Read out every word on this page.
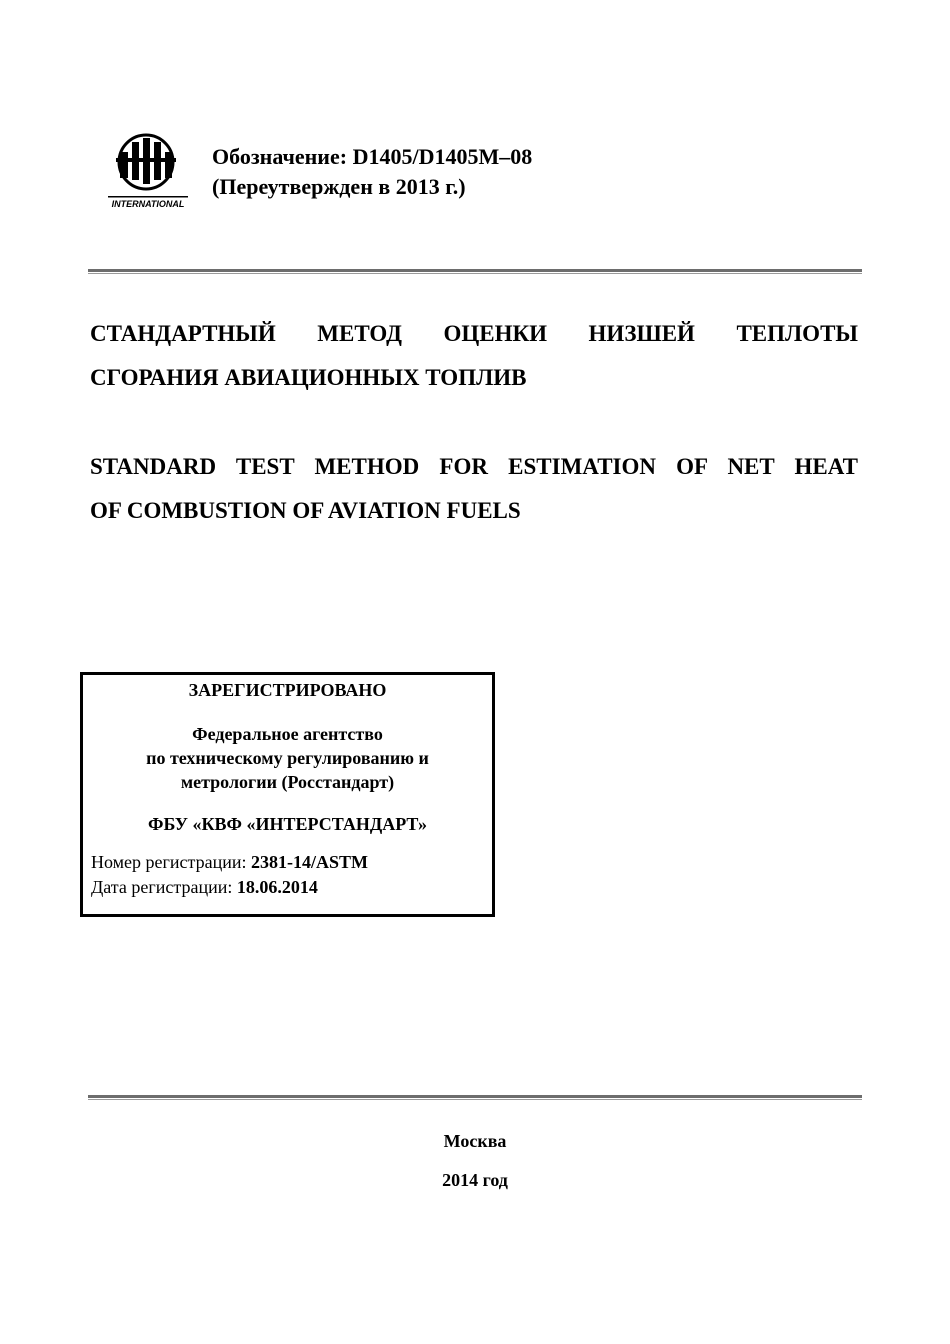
INTERNATIONAL
Обозначение: D1405/D1405M–08
(Переутвержден в 2013 г.)
СТАНДАРТНЫЙ МЕТОД ОЦЕНКИ НИЗШЕЙ ТЕПЛОТЫ
СГОРАНИЯ АВИАЦИОННЫХ ТОПЛИВ
STANDARD TEST METHOD FOR ESTIMATION OF NET HEAT
OF COMBUSTION OF AVIATION FUELS
ЗАРЕГИСТРИРОВАНО
Федеральное агентство
по техническому регулированию и
метрологии (Росстандарт)
ФБУ «КВФ «ИНТЕРСТАНДАРТ»
Номер регистрации: 2381-14/ASTM
Дата регистрации: 18.06.2014
Москва
2014 год
